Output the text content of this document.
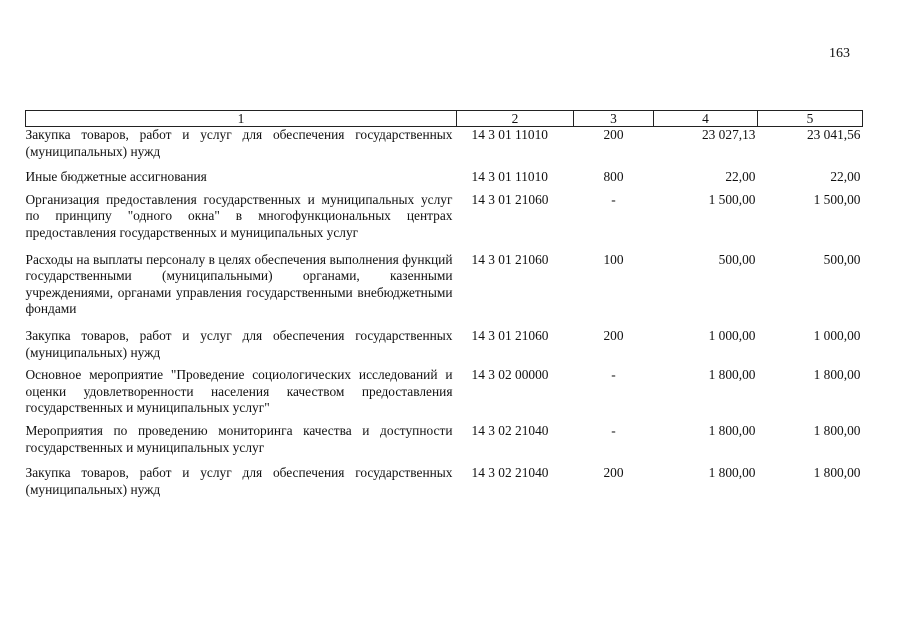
163
1	2	3	4	5
Закупка товаров, работ и услуг для обеспечения государственных (муниципальных) нужд	14 3 01 11010	200	23 027,13	23 041,56
Иные бюджетные ассигнования	14 3 01 11010	800	22,00	22,00
Организация предоставления государственных и муниципальных услуг по принципу "одного окна" в многофункциональных центрах предоставления государственных и муниципальных услуг	14 3 01 21060	-	1 500,00	1 500,00
Расходы на выплаты персоналу в целях обеспечения выполнения функций государственными (муниципальными) органами, казенными учреждениями, органами управления государственными внебюджетными фондами	14 3 01 21060	100	500,00	500,00
Закупка товаров, работ и услуг для обеспечения государственных (муниципальных) нужд	14 3 01 21060	200	1 000,00	1 000,00
Основное мероприятие "Проведение социологических исследований и оценки удовлетворенности населения качеством предоставления государственных и муниципальных услуг"	14 3 02 00000	-	1 800,00	1 800,00
Мероприятия по проведению мониторинга качества и доступности государственных и муниципальных услуг	14 3 02 21040	-	1 800,00	1 800,00
Закупка товаров, работ и услуг для обеспечения государственных (муниципальных) нужд	14 3 02 21040	200	1 800,00	1 800,00
